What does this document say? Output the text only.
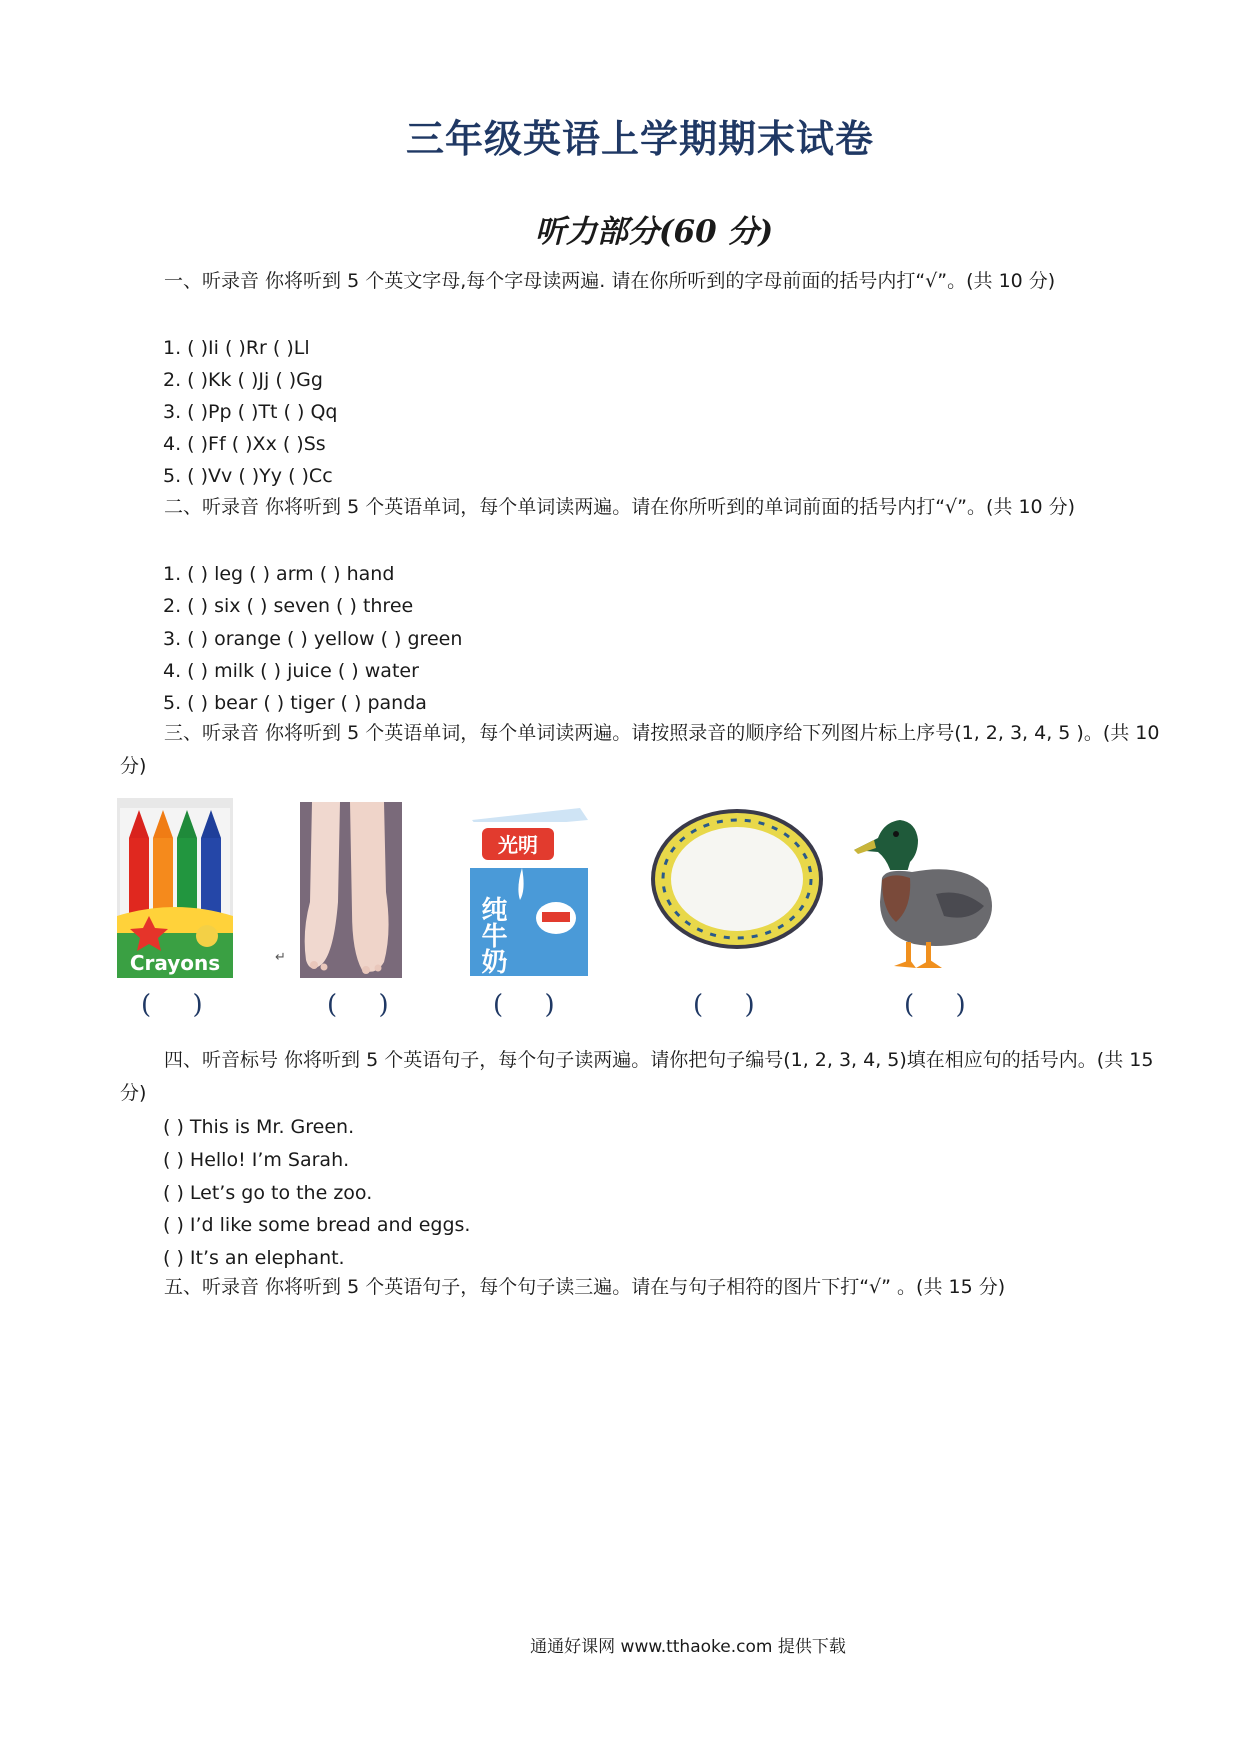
三年级英语上学期期末试卷
听力部分(60 分)
一、听录音 你将听到 5 个英文字母,每个字母读两遍. 请在你所听到的字母前面的括号内打“√”。(共 10 分)
1. ( )Ii ( )Rr ( )Ll
2. ( )Kk ( )Jj ( )Gg
3. ( )Pp ( )Tt ( ) Qq
4. ( )Ff ( )Xx ( )Ss
5. ( )Vv ( )Yy ( )Cc
二、听录音 你将听到 5 个英语单词，每个单词读两遍。请在你所听到的单词前面的括号内打“√”。(共 10 分)
1. ( ) leg ( ) arm ( ) hand
2. ( ) six ( ) seven ( ) three
3. ( ) orange ( ) yellow ( ) green
4. ( ) milk ( ) juice ( ) water
5. ( ) bear ( ) tiger ( ) panda
三、听录音 你将听到 5 个英语单词，每个单词读两遍。请按照录音的顺序给下列图片标上序号(1, 2, 3, 4, 5 )。(共 10 分)
Crayons	↵
光明
纯牛奶
(     )	(     )	(     )	(     )	(     )
四、听音标号 你将听到 5 个英语句子，每个句子读两遍。请你把句子编号(1, 2, 3, 4, 5)填在相应句的括号内。(共 15 分)
( ) This is Mr. Green.
( ) Hello! I’m Sarah.
( ) Let’s go to the zoo.
( ) I’d like some bread and eggs.
( ) It’s an elephant.
五、听录音 你将听到 5 个英语句子，每个句子读三遍。请在与句子相符的图片下打“√” 。(共 15 分)
通通好课网 www.tthaoke.com 提供下载
